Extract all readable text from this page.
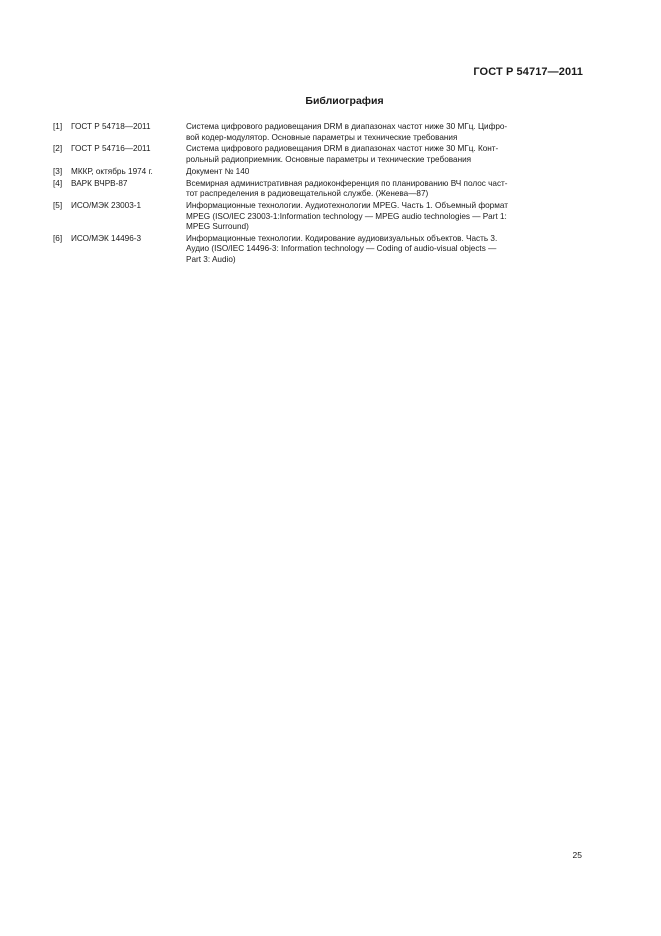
ГОСТ Р 54717—2011
Библиография
[1]	ГОСТ Р 54718—2011	Система цифрового радиовещания DRM в диапазонах частот ниже 30 МГц. Цифро-
вой кодер-модулятор. Основные параметры и технические требования
[2]	ГОСТ Р 54716—2011	Система цифрового радиовещания DRM в диапазонах частот ниже 30 МГц. Конт-
рольный радиоприемник. Основные параметры и технические требования
[3]	МККР, октябрь 1974 г.	Документ № 140
[4]	ВАРК ВЧРВ-87	Всемирная административная радиоконференция по планированию ВЧ полос част-
тот распределения в радиовещательной службе. (Женева—87)
[5]	ИСО/МЭК 23003-1	Информационные технологии. Аудиотехнологии MPEG. Часть 1. Объемный формат
MPEG (ISO/IEC 23003-1:Information technology — MPEG audio technologies — Part 1:
MPEG Surround)
[6]	ИСО/МЭК 14496-3	Информационные технологии. Кодирование аудиовизуальных объектов. Часть 3.
Аудио (ISO/IEC 14496-3: Information technology — Coding of audio-visual objects —
Part 3: Audio)
25
